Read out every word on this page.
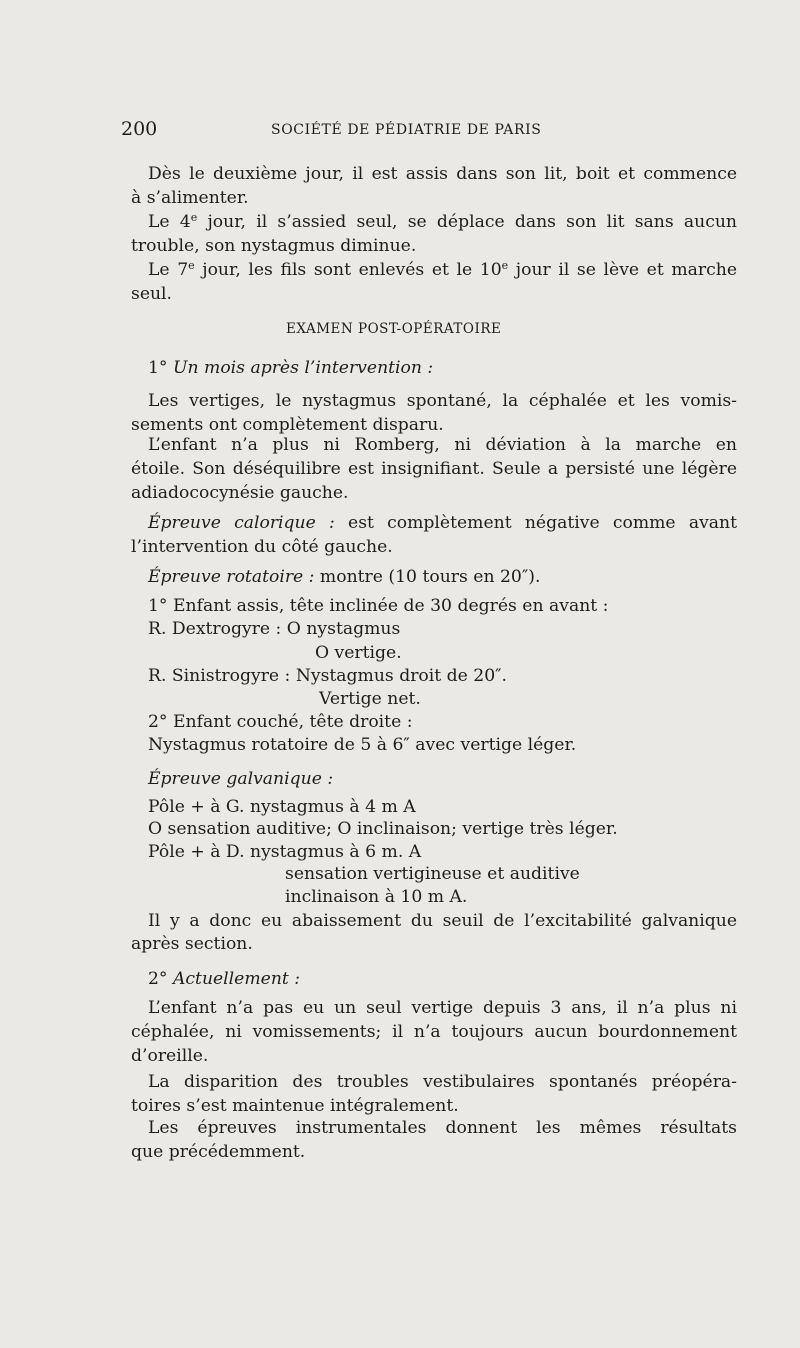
200	SOCIÉTÉ DE PÉDIATRIE DE PARIS
Dès le deuxième jour, il est assis dans son lit, boit et commence
à s’alimenter.
Le 4e jour, il s’assied seul, se déplace dans son lit sans aucun
trouble, son nystagmus diminue.
Le 7e jour, les fils sont enlevés et le 10e jour il se lève et marche
seul.
EXAMEN POST-OPÉRATOIRE
1° Un mois après l’intervention :
Les vertiges, le nystagmus spontané, la céphalée et les vomis-
sements ont complètement disparu.
L’enfant n’a plus ni Romberg, ni déviation à la marche en
étoile. Son déséquilibre est insignifiant. Seule a persisté une légère
adiadococynésie gauche.
Épreuve calorique : est complètement négative comme avant
l’intervention du côté gauche.
Épreuve rotatoire : montre (10 tours en 20″).
1° Enfant assis, tête inclinée de 30 degrés en avant :
R. Dextrogyre : O nystagmus
O vertige.
R. Sinistrogyre : Nystagmus droit de 20″.
Vertige net.
2° Enfant couché, tête droite :
Nystagmus rotatoire de 5 à 6″ avec vertige léger.
Épreuve galvanique :
Pôle + à G. nystagmus à 4 m A
O sensation auditive; O inclinaison; vertige très léger.
Pôle + à D. nystagmus à 6 m. A
sensation vertigineuse et auditive
inclinaison à 10 m A.
Il y a donc eu abaissement du seuil de l’excitabilité galvanique
après section.
2° Actuellement :
L’enfant n’a pas eu un seul vertige depuis 3 ans, il n’a plus ni
céphalée, ni vomissements; il n’a toujours aucun bourdonnement
d’oreille.
La disparition des troubles vestibulaires spontanés préopéra-
toires s’est maintenue intégralement.
Les épreuves instrumentales donnent les mêmes résultats
que précédemment.
